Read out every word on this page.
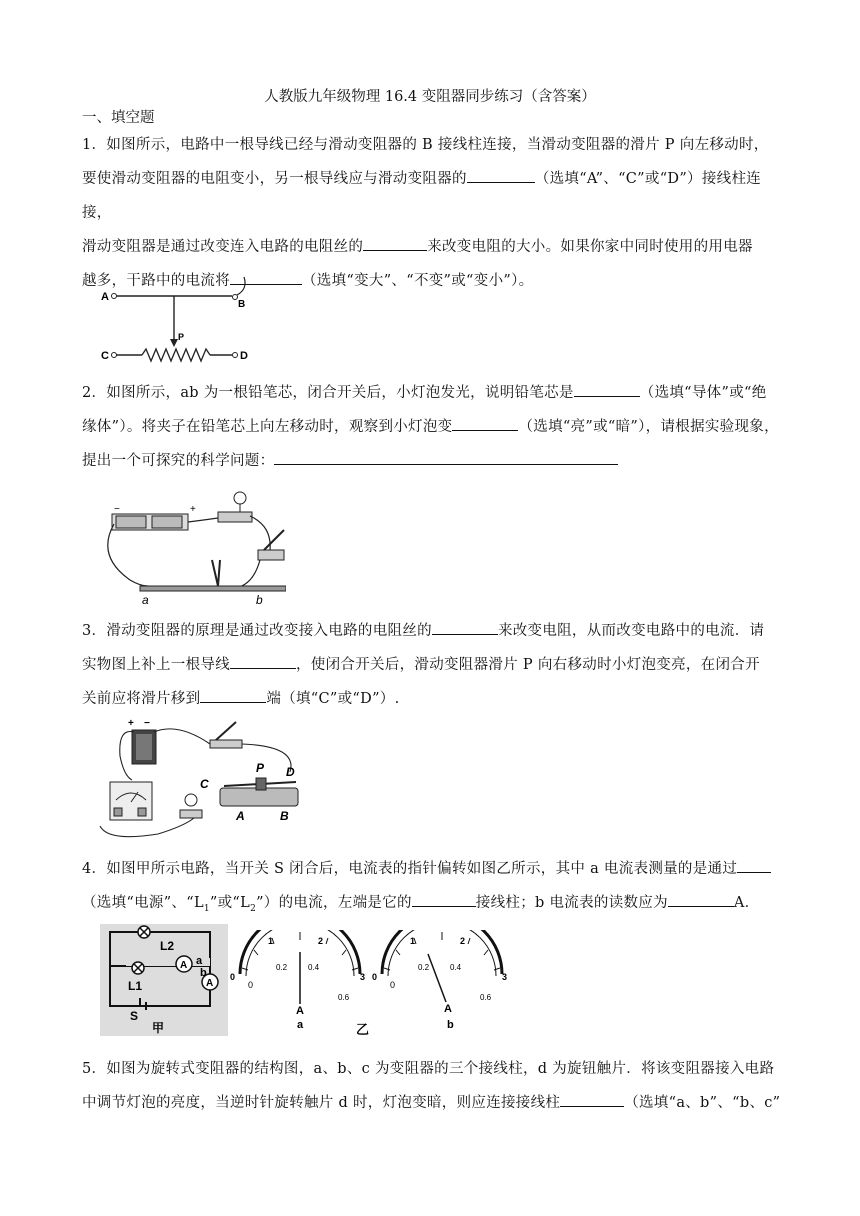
人教版九年级物理 16.4 变阻器同步练习（含答案）
一、填空题
1．如图所示，电路中一根导线已经与滑动变阻器的 B 接线柱连接，当滑动变阻器的滑片 P 向左移动时，
要使滑动变阻器的电阻变小，另一根导线应与滑动变阻器的	（选填“A”、“C”或“D”）接线柱连接，
滑动变阻器是通过改变连入电路的电阻丝的	来改变电阻的大小。如果你家中同时使用的用电器
越多，干路中的电流将	（选填“变大”、“不变”或“变小”）。
A
B
P
C	D
2．如图所示，ab 为一根铅笔芯，闭合开关后，小灯泡发光，说明铅笔芯是	（选填“导体”或“绝
缘体”）。将夹子在铅笔芯上向左移动时，观察到小灯泡变	（选填“亮”或“暗”），请根据实验现象，
提出一个可探究的科学问题：
−	+
a	b
3．滑动变阻器的原理是通过改变接入电路的电阻丝的	来改变电阻，从而改变电路中的电流．请
实物图上补上一根导线	，使闭合开关后，滑动变阻器滑片 P 向右移动时小灯泡变亮，在闭合开
关前应将滑片移到	端（填“C”或“D”）.
+ −
C
P D
A	B
4．如图甲所示电路，当开关 S 闭合后，电流表的指针偏转如图乙所示，其中 a 电流表测量的是通过
（选填“电源”、“$L_1$”或“$L_2$”）的电流，左端是它的	接线柱；b 电流表的读数应为	A．
L2
L1
A a
A
b
S
甲
0
0
1	2
3
0.2	0.4
0.6
A
a
0
0
1	2
3
0.2	0.4
0.6
A
b
乙
5．如图为旋转式变阻器的结构图，a、b、c 为变阻器的三个接线柱，d 为旋钮触片．将该变阻器接入电路
中调节灯泡的亮度，当逆时针旋转触片 d 时，灯泡变暗，则应连接接线柱	（选填“a、b”、“b、c”
